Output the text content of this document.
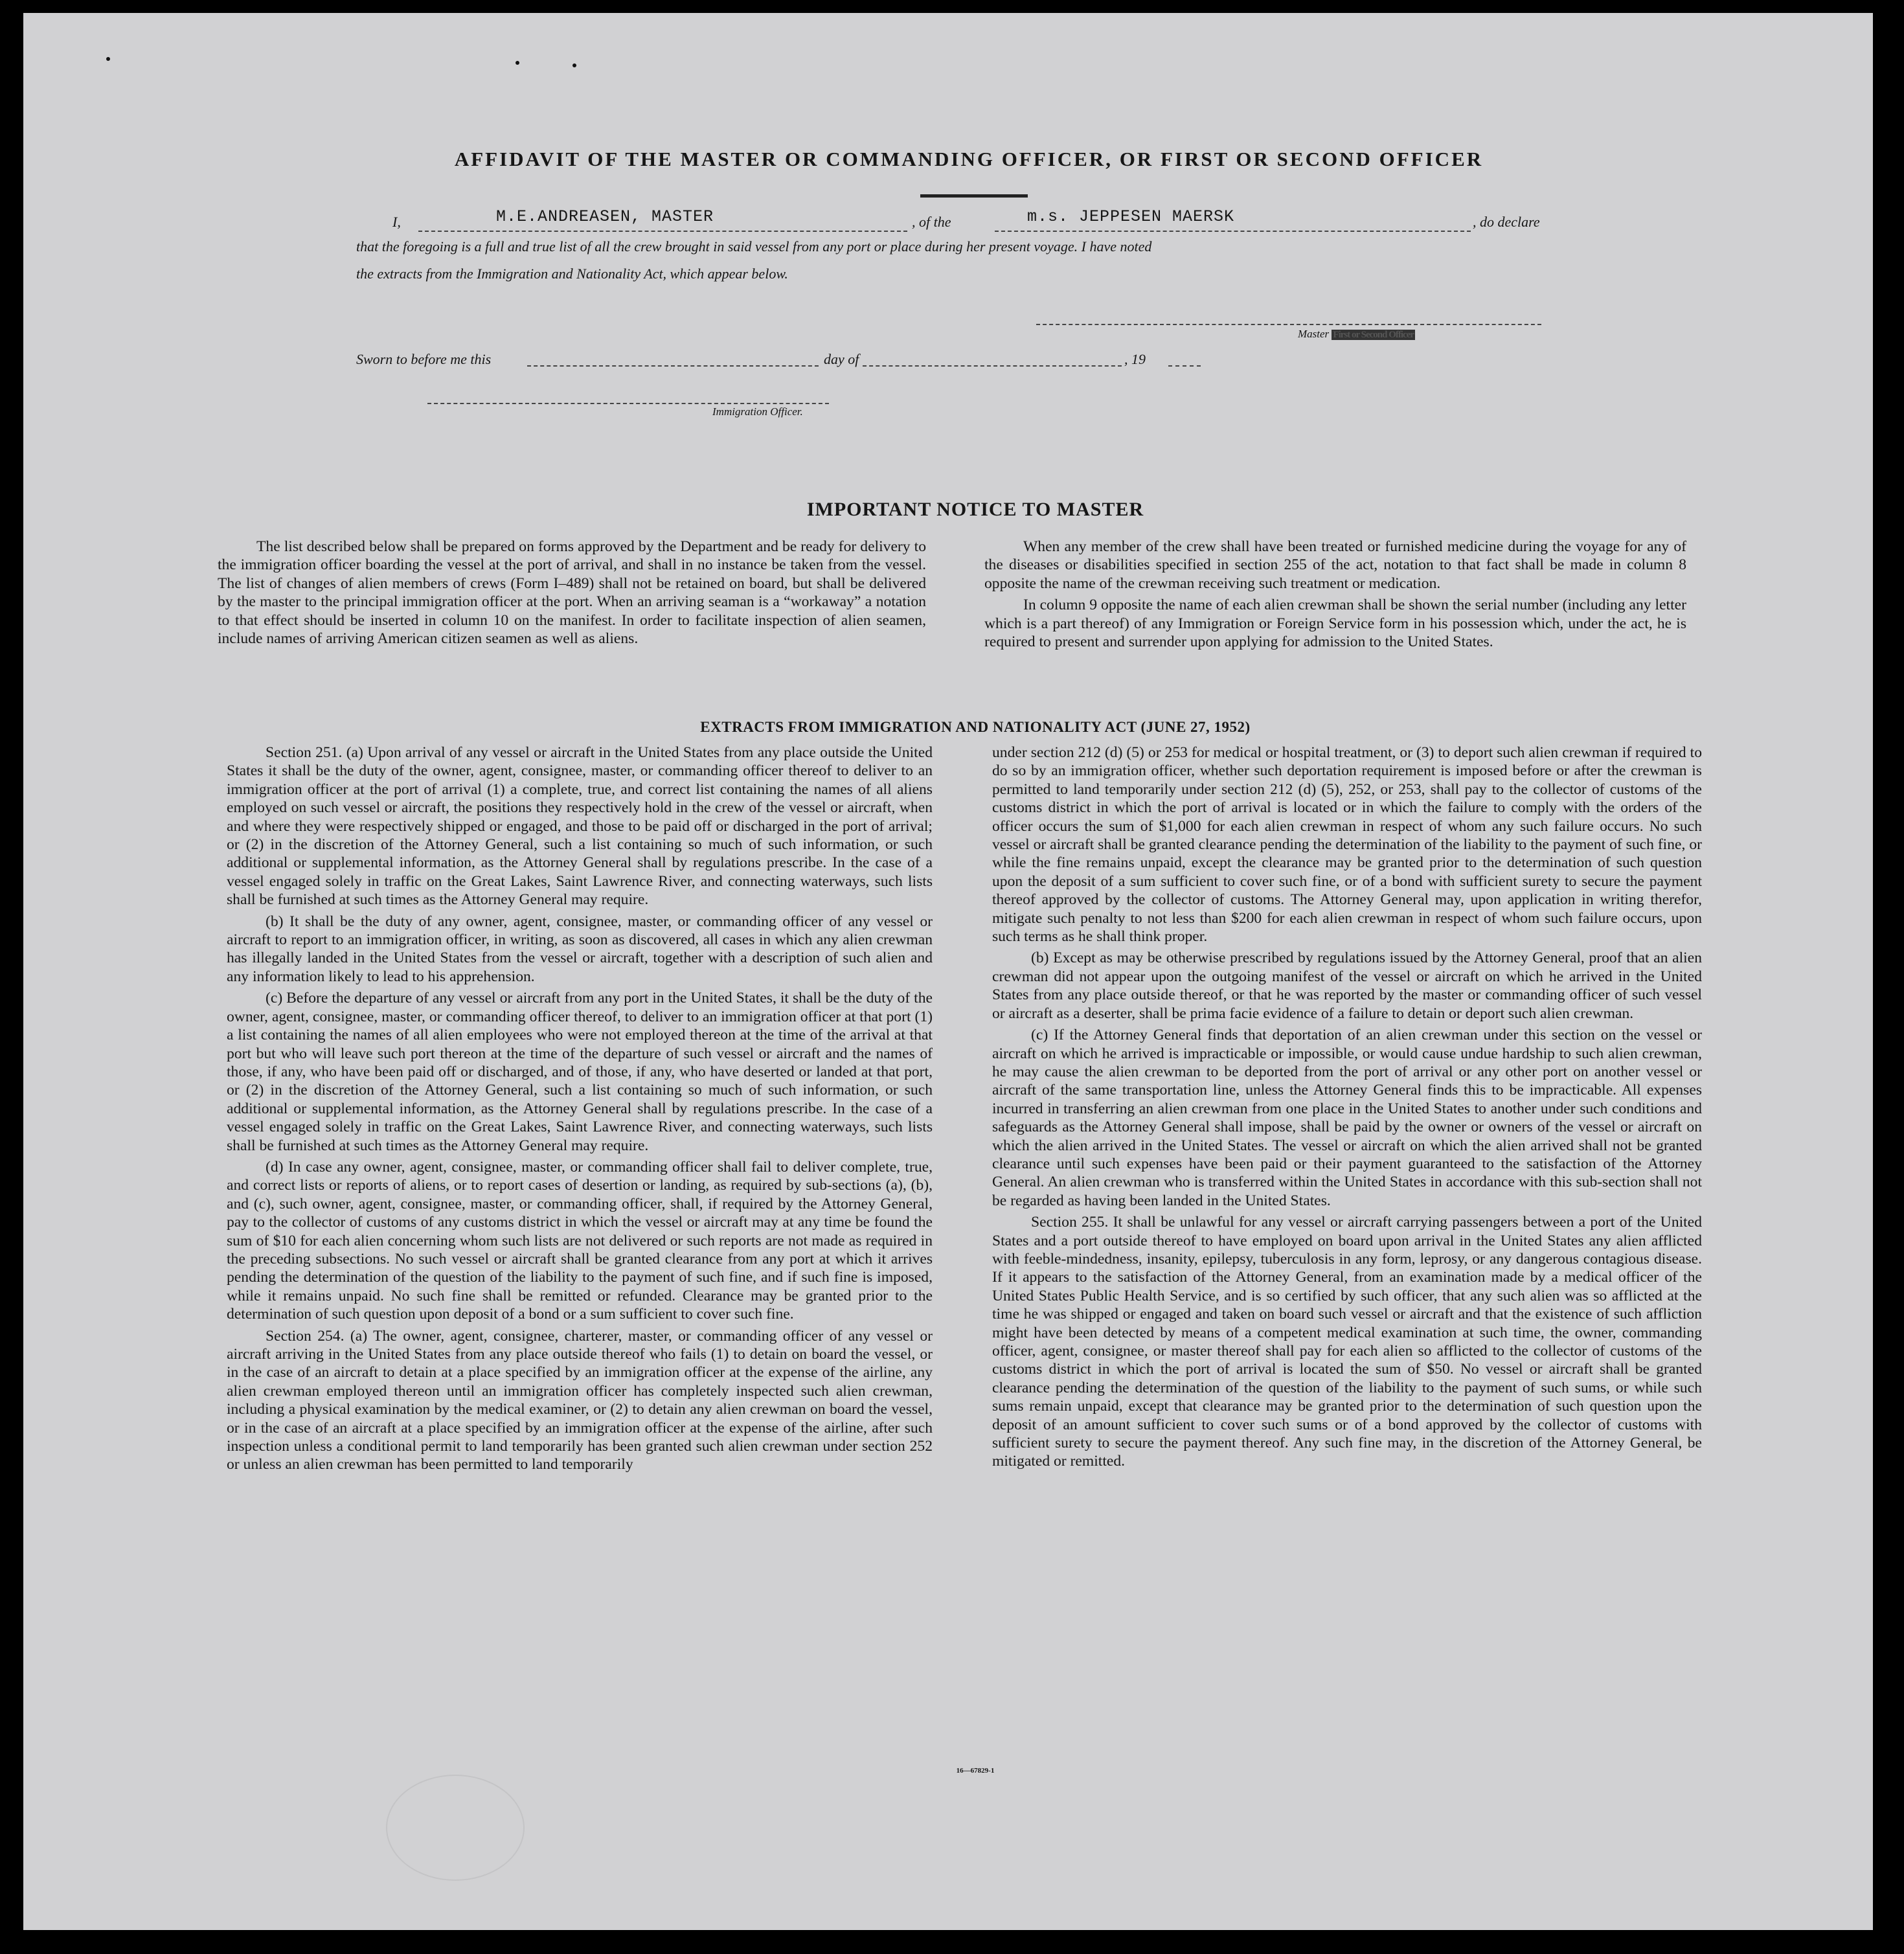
AFFIDAVIT OF THE MASTER OR COMMANDING OFFICER, OR FIRST OR SECOND OFFICER
I,	M.E.ANDREASEN, MASTER	, of the	m.s. JEPPESEN MAERSK	, do declare
that the foregoing is a full and true list of all the crew brought in said vessel from any port or place during her present voyage. I have noted
the extracts from the Immigration and Nationality Act, which appear below.
Master First or Second Officer
Sworn to before me this	day of	, 19
Immigration Officer.
IMPORTANT NOTICE TO MASTER

The list described below shall be prepared on forms approved by the Department and be ready for delivery to the immigration officer boarding the vessel at the port of arrival, and shall in no instance be taken from the vessel. The list of changes of alien members of crews (Form I–489) shall not be retained on board, but shall be delivered by the master to the principal immigration officer at the port. When an arriving seaman is a “workaway” a notation to that effect should be inserted in column 10 on the manifest. In order to facilitate inspection of alien seamen, include names of arriving American citizen seamen as well as aliens.

When any member of the crew shall have been treated or furnished medicine during the voyage for any of the diseases or disabilities specified in section 255 of the act, notation to that fact shall be made in column 8 opposite the name of the crewman receiving such treatment or medication.

In column 9 opposite the name of each alien crewman shall be shown the serial number (including any letter which is a part thereof) of any Immigration or Foreign Service form in his possession which, under the act, he is required to present and surrender upon applying for admission to the United States.

EXTRACTS FROM IMMIGRATION AND NATIONALITY ACT (JUNE 27, 1952)

Section 251. (a) Upon arrival of any vessel or aircraft in the United States from any place outside the United States it shall be the duty of the owner, agent, consignee, master, or commanding officer thereof to deliver to an immigration officer at the port of arrival (1) a complete, true, and correct list containing the names of all aliens employed on such vessel or aircraft, the positions they respectively hold in the crew of the vessel or aircraft, when and where they were respectively shipped or engaged, and those to be paid off or discharged in the port of arrival; or (2) in the discretion of the Attorney General, such a list containing so much of such information, or such additional or supplemental information, as the Attorney General shall by regulations prescribe. In the case of a vessel engaged solely in traffic on the Great Lakes, Saint Lawrence River, and connecting waterways, such lists shall be furnished at such times as the Attorney General may require.

(b) It shall be the duty of any owner, agent, consignee, master, or commanding officer of any vessel or aircraft to report to an immigration officer, in writing, as soon as discovered, all cases in which any alien crewman has illegally landed in the United States from the vessel or aircraft, together with a description of such alien and any information likely to lead to his apprehension.

(c) Before the departure of any vessel or aircraft from any port in the United States, it shall be the duty of the owner, agent, consignee, master, or commanding officer thereof, to deliver to an immigration officer at that port (1) a list containing the names of all alien employees who were not employed thereon at the time of the arrival at that port but who will leave such port thereon at the time of the departure of such vessel or aircraft and the names of those, if any, who have been paid off or discharged, and of those, if any, who have deserted or landed at that port, or (2) in the discretion of the Attorney General, such a list containing so much of such information, or such additional or supplemental information, as the Attorney General shall by regulations prescribe. In the case of a vessel engaged solely in traffic on the Great Lakes, Saint Lawrence River, and connecting waterways, such lists shall be furnished at such times as the Attorney General may require.

(d) In case any owner, agent, consignee, master, or commanding officer shall fail to deliver complete, true, and correct lists or reports of aliens, or to report cases of desertion or landing, as required by sub-sections (a), (b), and (c), such owner, agent, consignee, master, or commanding officer, shall, if required by the Attorney General, pay to the collector of customs of any customs district in which the vessel or aircraft may at any time be found the sum of $10 for each alien concerning whom such lists are not delivered or such reports are not made as required in the preceding subsections. No such vessel or aircraft shall be granted clearance from any port at which it arrives pending the determination of the question of the liability to the payment of such fine, and if such fine is imposed, while it remains unpaid. No such fine shall be remitted or refunded. Clearance may be granted prior to the determination of such question upon deposit of a bond or a sum sufficient to cover such fine.

Section 254. (a) The owner, agent, consignee, charterer, master, or commanding officer of any vessel or aircraft arriving in the United States from any place outside thereof who fails (1) to detain on board the vessel, or in the case of an aircraft to detain at a place specified by an immigration officer at the expense of the airline, any alien crewman employed thereon until an immigration officer has completely inspected such alien crewman, including a physical examination by the medical examiner, or (2) to detain any alien crewman on board the vessel, or in the case of an aircraft at a place specified by an immigration officer at the expense of the airline, after such inspection unless a conditional permit to land temporarily has been granted such alien crewman under section 252 or unless an alien crewman has been permitted to land temporarily

under section 212 (d) (5) or 253 for medical or hospital treatment, or (3) to deport such alien crewman if required to do so by an immigration officer, whether such deportation requirement is imposed before or after the crewman is permitted to land temporarily under section 212 (d) (5), 252, or 253, shall pay to the collector of customs of the customs district in which the port of arrival is located or in which the failure to comply with the orders of the officer occurs the sum of $1,000 for each alien crewman in respect of whom any such failure occurs. No such vessel or aircraft shall be granted clearance pending the determination of the liability to the payment of such fine, or while the fine remains unpaid, except the clearance may be granted prior to the determination of such question upon the deposit of a sum sufficient to cover such fine, or of a bond with sufficient surety to secure the payment thereof approved by the collector of customs. The Attorney General may, upon application in writing therefor, mitigate such penalty to not less than $200 for each alien crewman in respect of whom such failure occurs, upon such terms as he shall think proper.

(b) Except as may be otherwise prescribed by regulations issued by the Attorney General, proof that an alien crewman did not appear upon the outgoing manifest of the vessel or aircraft on which he arrived in the United States from any place outside thereof, or that he was reported by the master or commanding officer of such vessel or aircraft as a deserter, shall be prima facie evidence of a failure to detain or deport such alien crewman.

(c) If the Attorney General finds that deportation of an alien crewman under this section on the vessel or aircraft on which he arrived is impracticable or impossible, or would cause undue hardship to such alien crewman, he may cause the alien crewman to be deported from the port of arrival or any other port on another vessel or aircraft of the same transportation line, unless the Attorney General finds this to be impracticable. All expenses incurred in transferring an alien crewman from one place in the United States to another under such conditions and safeguards as the Attorney General shall impose, shall be paid by the owner or owners of the vessel or aircraft on which the alien arrived in the United States. The vessel or aircraft on which the alien arrived shall not be granted clearance until such expenses have been paid or their payment guaranteed to the satisfaction of the Attorney General. An alien crewman who is transferred within the United States in accordance with this sub-section shall not be regarded as having been landed in the United States.

Section 255. It shall be unlawful for any vessel or aircraft carrying passengers between a port of the United States and a port outside thereof to have employed on board upon arrival in the United States any alien afflicted with feeble-mindedness, insanity, epilepsy, tuberculosis in any form, leprosy, or any dangerous contagious disease. If it appears to the satisfaction of the Attorney General, from an examination made by a medical officer of the United States Public Health Service, and is so certified by such officer, that any such alien was so afflicted at the time he was shipped or engaged and taken on board such vessel or aircraft and that the existence of such affliction might have been detected by means of a competent medical examination at such time, the owner, commanding officer, agent, consignee, or master thereof shall pay for each alien so afflicted to the collector of customs of the customs district in which the port of arrival is located the sum of $50. No vessel or aircraft shall be granted clearance pending the determination of the question of the liability to the payment of such sums, or while such sums remain unpaid, except that clearance may be granted prior to the determination of such question upon the deposit of an amount sufficient to cover such sums or of a bond approved by the collector of customs with sufficient surety to secure the payment thereof. Any such fine may, in the discretion of the Attorney General, be mitigated or remitted.

16—67829-1
